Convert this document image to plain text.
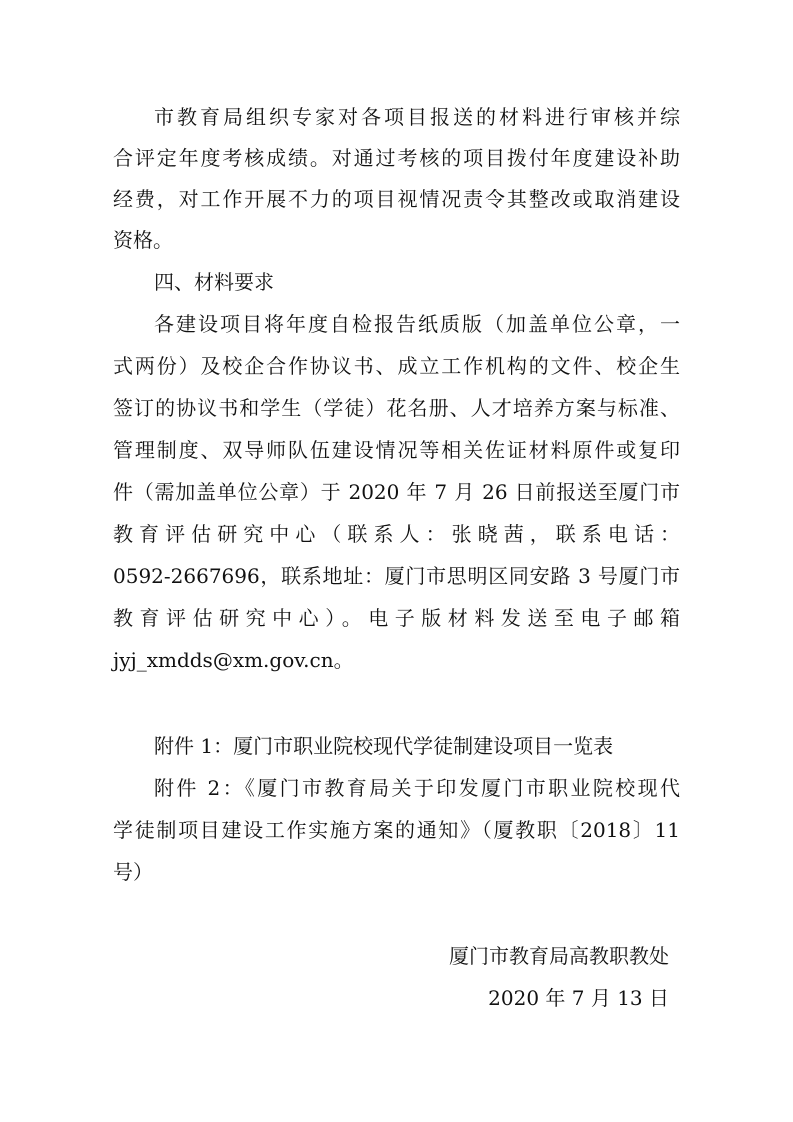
市教育局组织专家对各项目报送的材料进行审核并综
合评定年度考核成绩。对通过考核的项目拨付年度建设补助
经费，对工作开展不力的项目视情况责令其整改或取消建设
资格。
四、材料要求
各建设项目将年度自检报告纸质版（加盖单位公章，一
式两份）及校企合作协议书、成立工作机构的文件、校企生
签订的协议书和学生（学徒）花名册、人才培养方案与标准、
管理制度、双导师队伍建设情况等相关佐证材料原件或复印
件（需加盖单位公章）于 2020 年 7 月 26 日前报送至厦门市
教育评估研究中心（联系人：张晓茜，联系电话：
0592-2667696，联系地址：厦门市思明区同安路 3 号厦门市
教育评估研究中心）。电子版材料发送至电子邮箱
jyj_xmdds@xm.gov.cn。
附件 1：厦门市职业院校现代学徒制建设项目一览表
附件 2：《厦门市教育局关于印发厦门市职业院校现代
学徒制项目建设工作实施方案的通知》（厦教职〔2018〕11
号）
厦门市教育局高教职教处
2020 年 7 月 13 日
